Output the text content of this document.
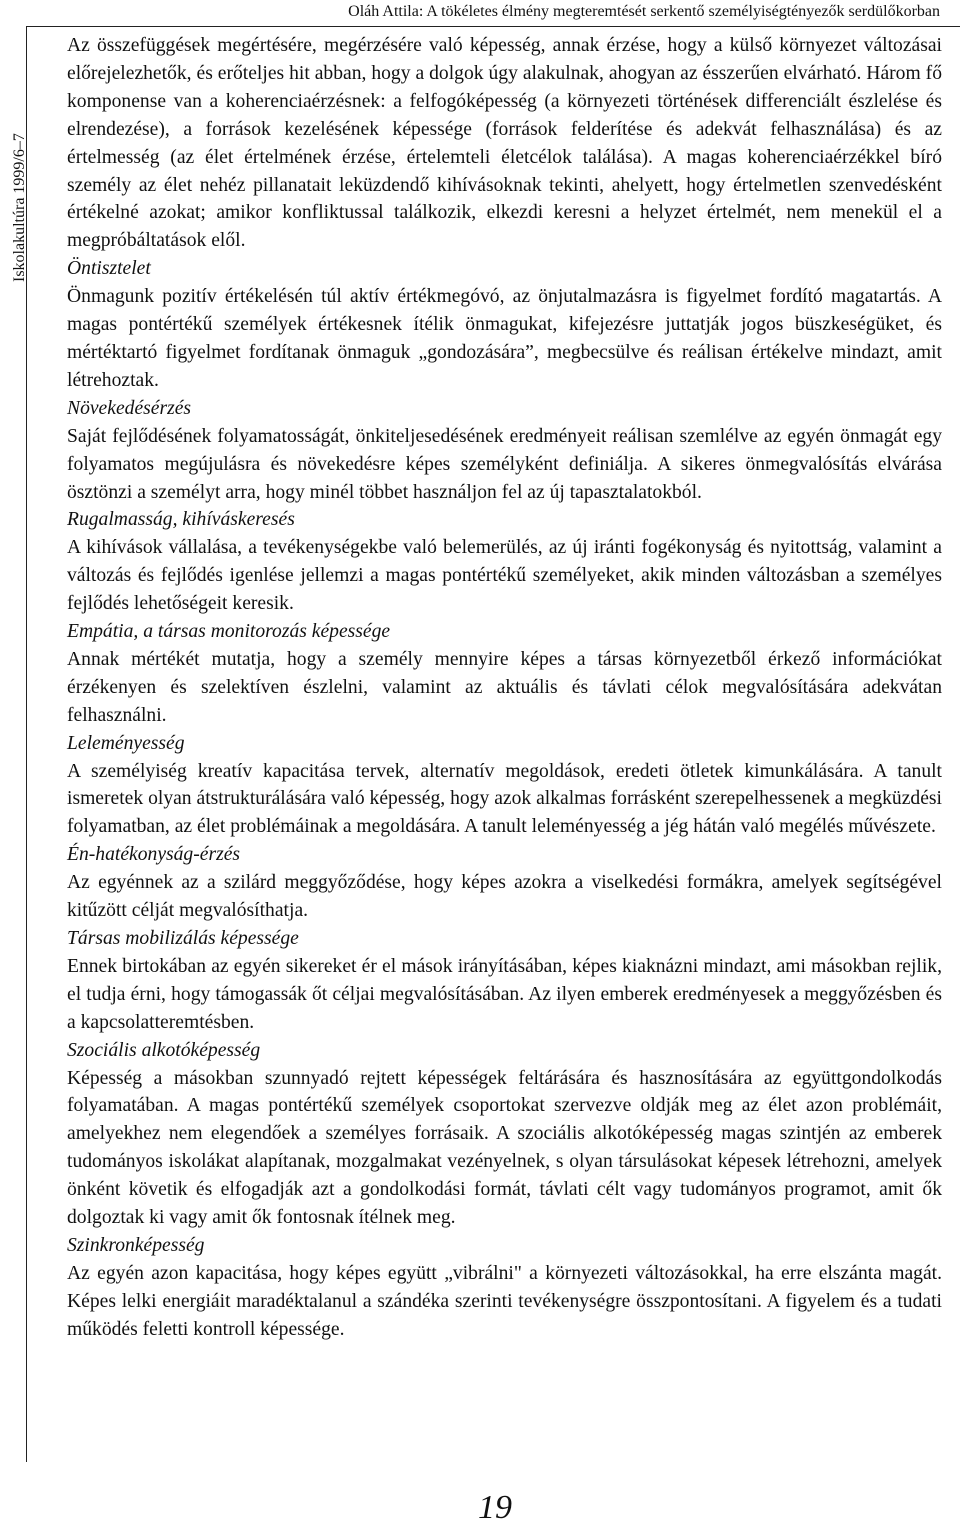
Oláh Attila: A tökéletes élmény megteremtését serkentő személyiségtényezők serdülőkorban
Iskolakultúra 1999/6–7

Az összefüggések megértésére, megérzésére való képesség, annak érzése, hogy a külső környezet változásai előrejelezhetők, és erőteljes hit abban, hogy a dolgok úgy alakulnak, ahogyan az ésszerűen elvárható. Három fő komponense van a koherenciaérzésnek: a felfogóképesség (a környezeti történések differenciált észlelése és elrendezése), a források kezelésének képessége (források felderítése és adekvát felhasználása) és az értelmesség (az élet értelmének érzése, értelemteli életcélok találása). A magas koherenciaérzékkel bíró személy az élet nehéz pillanatait leküzdendő kihívásoknak tekinti, ahelyett, hogy értelmetlen szenvedésként értékelné azokat; amikor konfliktussal találkozik, elkezdi keresni a helyzet értelmét, nem menekül el a megpróbáltatások elől.

Öntisztelet

Önmagunk pozitív értékelésén túl aktív értékmegóvó, az önjutalmazásra is figyelmet fordító magatartás. A magas pontértékű személyek értékesnek ítélik önmagukat, kifejezésre juttatják jogos büszkeségüket, és mértéktartó figyelmet fordítanak önmaguk „gondozására”, megbecsülve és reálisan értékelve mindazt, amit létrehoztak.

Növekedésérzés

Saját fejlődésének folyamatosságát, önkiteljesedésének eredményeit reálisan szemlélve az egyén önmagát egy folyamatos megújulásra és növekedésre képes személyként definiálja. A sikeres önmegvalósítás elvárása ösztönzi a személyt arra, hogy minél többet használjon fel az új tapasztalatokból.

Rugalmasság, kihíváskeresés

A kihívások vállalása, a tevékenységekbe való belemerülés, az új iránti fogékonyság és nyitottság, valamint a változás és fejlődés igenlése jellemzi a magas pontértékű személyeket, akik minden változásban a személyes fejlődés lehetőségeit keresik.

Empátia, a társas monitorozás képessége

Annak mértékét mutatja, hogy a személy mennyire képes a társas környezetből érkező információkat érzékenyen és szelektíven észlelni, valamint az aktuális és távlati célok megvalósítására adekvátan felhasználni.

Leleményesség

A személyiség kreatív kapacitása tervek, alternatív megoldások, eredeti ötletek kimunkálására. A tanult ismeretek olyan átstrukturálására való képesség, hogy azok alkalmas forrásként szerepelhessenek a megküzdési folyamatban, az élet problémáinak a megoldására. A tanult leleményesség a jég hátán való megélés művészete.

Én-hatékonyság-érzés

Az egyénnek az a szilárd meggyőződése, hogy képes azokra a viselkedési formákra, amelyek segítségével kitűzött célját megvalósíthatja.

Társas mobilizálás képessége

Ennek birtokában az egyén sikereket ér el mások irányításában, képes kiaknázni mindazt, ami másokban rejlik, el tudja érni, hogy támogassák őt céljai megvalósításában. Az ilyen emberek eredményesek a meggyőzésben és a kapcsolatteremtésben.

Szociális alkotóképesség

Képesség a másokban szunnyadó rejtett képességek feltárására és hasznosítására az együttgondolkodás folyamatában. A magas pontértékű személyek csoportokat szervezve oldják meg az élet azon problémáit, amelyekhez nem elegendőek a személyes forrásaik. A szociális alkotóképesség magas szintjén az emberek tudományos iskolákat alapítanak, mozgalmakat vezényelnek, s olyan társulásokat képesek létrehozni, amelyek önként követik és elfogadják azt a gondolkodási formát, távlati célt vagy tudományos programot, amit ők dolgoztak ki vagy amit ők fontosnak ítélnek meg.

Szinkronképesség

Az egyén azon kapacitása, hogy képes együtt „vibrálni" a környezeti változásokkal, ha erre elszánta magát. Képes lelki energiáit maradéktalanul a szándéka szerinti tevékenységre összpontosítani. A figyelem és a tudati működés feletti kontroll képessége.

19
